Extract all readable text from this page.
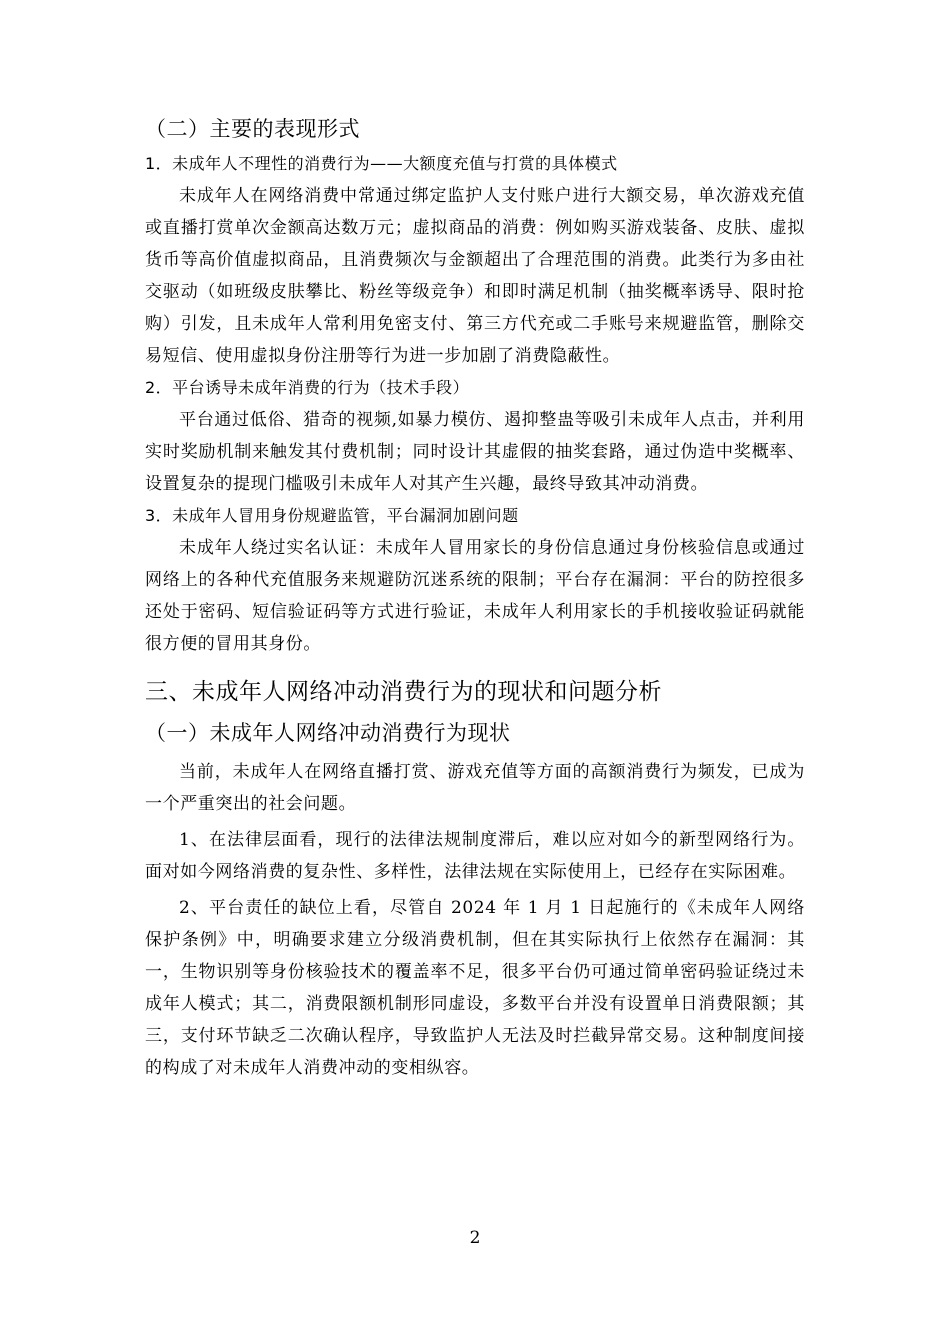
（二）主要的表现形式
1．未成年人不理性的消费行为——大额度充值与打赏的具体模式

未成年人在网络消费中常通过绑定监护人支付账户进行大额交易，单次游戏充值或直播打赏单次金额高达数万元；虚拟商品的消费：例如购买游戏装备、皮肤、虚拟货币等高价值虚拟商品，且消费频次与金额超出了合理范围的消费。此类行为多由社交驱动（如班级皮肤攀比、粉丝等级竞争）和即时满足机制（抽奖概率诱导、限时抢购）引发，且未成年人常利用免密支付、第三方代充或二手账号来规避监管，删除交易短信、使用虚拟身份注册等行为进一步加剧了消费隐蔽性。

2．平台诱导未成年消费的行为（技术手段）

平台通过低俗、猎奇的视频,如暴力模仿、遏抑整蛊等吸引未成年人点击，并利用实时奖励机制来触发其付费机制；同时设计其虚假的抽奖套路，通过伪造中奖概率、设置复杂的提现门槛吸引未成年人对其产生兴趣，最终导致其冲动消费。

3．未成年人冒用身份规避监管，平台漏洞加剧问题

未成年人绕过实名认证：未成年人冒用家长的身份信息通过身份核验信息或通过网络上的各种代充值服务来规避防沉迷系统的限制；平台存在漏洞：平台的防控很多还处于密码、短信验证码等方式进行验证，未成年人利用家长的手机接收验证码就能很方便的冒用其身份。

三、未成年人网络冲动消费行为的现状和问题分析
（一）未成年人网络冲动消费行为现状

当前，未成年人在网络直播打赏、游戏充值等方面的高额消费行为频发，已成为一个严重突出的社会问题。

1、在法律层面看，现行的法律法规制度滞后，难以应对如今的新型网络行为。面对如今网络消费的复杂性、多样性，法律法规在实际使用上，已经存在实际困难。

2、平台责任的缺位上看，尽管自 2024 年 1 月 1 日起施行的《未成年人网络保护条例》中，明确要求建立分级消费机制，但在其实际执行上依然存在漏洞：其一，生物识别等身份核验技术的覆盖率不足，很多平台仍可通过简单密码验证绕过未成年人模式；其二，消费限额机制形同虚设，多数平台并没有设置单日消费限额；其三，支付环节缺乏二次确认程序，导致监护人无法及时拦截异常交易。这种制度间接的构成了对未成年人消费冲动的变相纵容。

2
